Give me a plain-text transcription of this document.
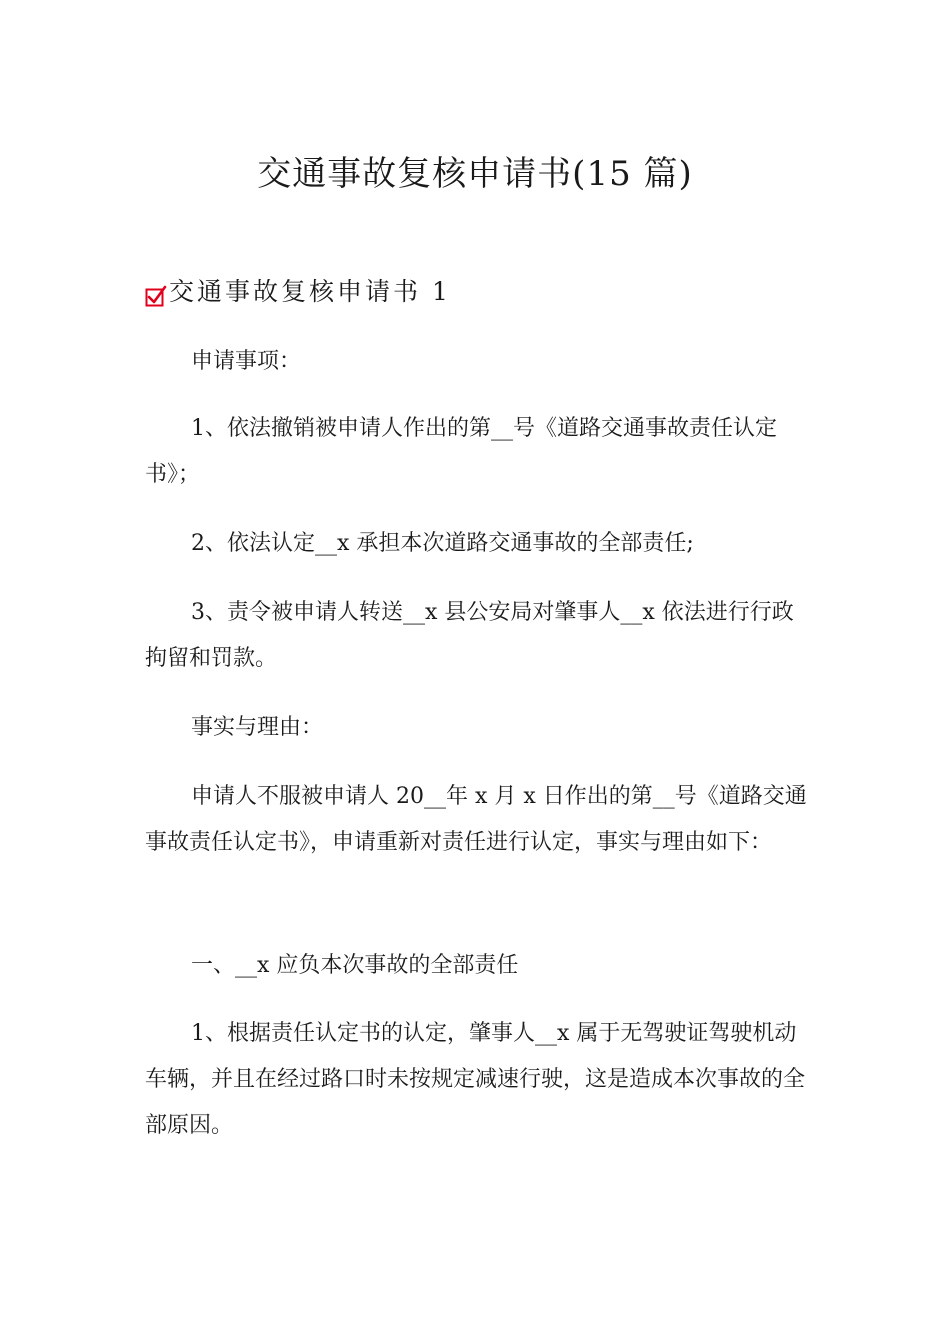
交通事故复核申请书(15 篇)
交通事故复核申请书 1

申请事项：

1、依法撤销被申请人作出的第__号《道路交通事故责任认定书》；

2、依法认定__x 承担本次道路交通事故的全部责任;

3、责令被申请人转送__x 县公安局对肇事人__x 依法进行行政拘留和罚款。

事实与理由：

申请人不服被申请人 20__年 x 月 x 日作出的第__号《道路交通事故责任认定书》，申请重新对责任进行认定，事实与理由如下：

一、__x 应负本次事故的全部责任

1、根据责任认定书的认定，肇事人__x 属于无驾驶证驾驶机动车辆，并且在经过路口时未按规定减速行驶，这是造成本次事故的全部原因。
